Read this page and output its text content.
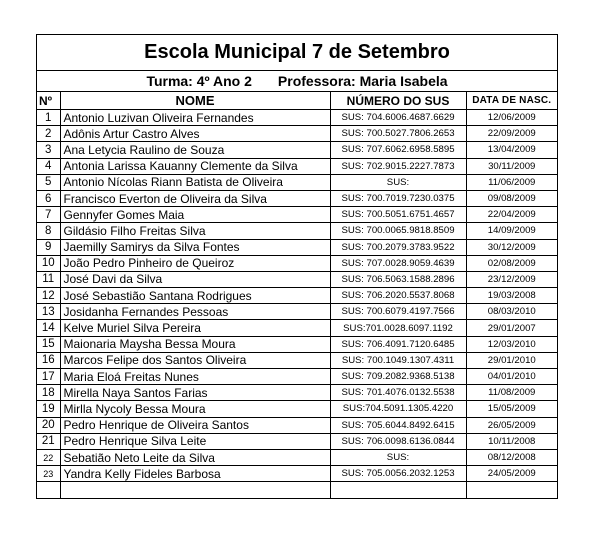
Escola Municipal 7 de Setembro
Turma: 4º Ano 2 Professora: Maria Isabela
Nº	NOME	NÚMERO DO SUS	DATA DE NASC.
1	Antonio Luzivan Oliveira Fernandes	SUS: 704.6006.4687.6629	12/06/2009
2	Adônis Artur Castro Alves	SUS: 700.5027.7806.2653	22/09/2009
3	Ana Letycia Raulino de Souza	SUS: 707.6062.6958.5895	13/04/2009
4	Antonia Larissa Kauanny Clemente da Silva	SUS: 702.9015.2227.7873	30/11/2009
5	Antonio Nícolas Riann Batista de Oliveira	SUS:	11/06/2009
6	Francisco Everton de Oliveira da Silva	SUS: 700.7019.7230.0375	09/08/2009
7	Gennyfer Gomes Maia	SUS: 700.5051.6751.4657	22/04/2009
8	Gildásio Filho Freitas Silva	SUS: 700.0065.9818.8509	14/09/2009
9	Jaemilly Samirys da Silva Fontes	SUS: 700.2079.3783.9522	30/12/2009
10	João Pedro Pinheiro de Queiroz	SUS: 707.0028.9059.4639	02/08/2009
11	José Davi da Silva	SUS: 706.5063.1588.2896	23/12/2009
12	José Sebastião Santana Rodrigues	SUS: 706.2020.5537.8068	19/03/2008
13	Josidanha Fernandes Pessoas	SUS: 700.6079.4197.7566	08/03/2010
14	Kelve Muriel Silva Pereira	SUS:701.0028.6097.1192	29/01/2007
15	Maionaria Maysha Bessa Moura	SUS: 706.4091.7120.6485	12/03/2010
16	Marcos Felipe dos Santos Oliveira	SUS: 700.1049.1307.4311	29/01/2010
17	Maria Eloá Freitas Nunes	SUS: 709.2082.9368.5138	04/01/2010
18	Mirella Naya Santos Farias	SUS: 701.4076.0132.5538	11/08/2009
19	Mirlla Nycoly Bessa Moura	SUS:704.5091.1305.4220	15/05/2009
20	Pedro Henrique de Oliveira Santos	SUS: 705.6044.8492.6415	26/05/2009
21	Pedro Henrique Silva Leite	SUS: 706.0098.6136.0844	10/11/2008
22	Sebatião Neto Leite da Silva	SUS:	08/12/2008
23	Yandra Kelly Fideles Barbosa	SUS: 705.0056.2032.1253	24/05/2009
